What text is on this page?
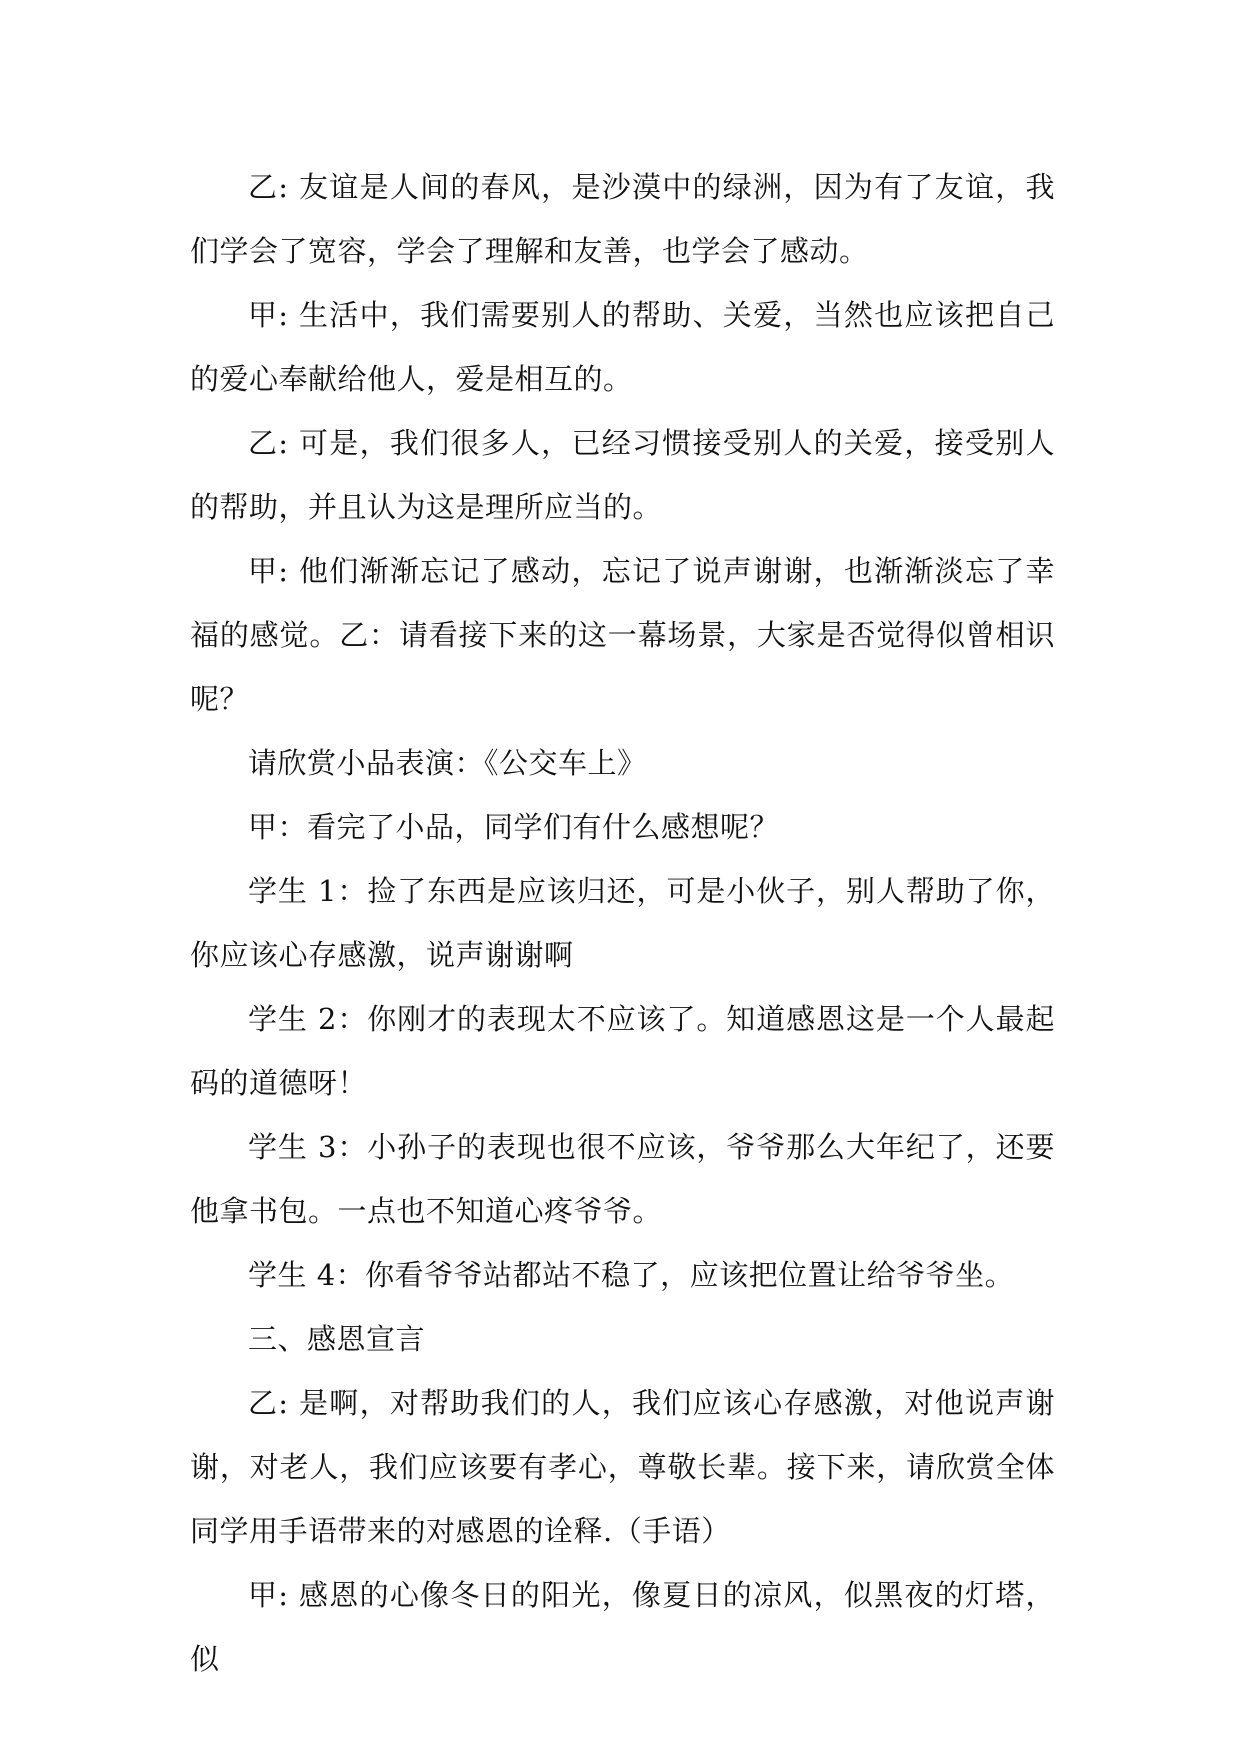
乙: 友谊是人间的春风，是沙漠中的绿洲，因为有了友谊，我们学会了宽容，学会了理解和友善，也学会了感动。

甲: 生活中，我们需要别人的帮助、关爱，当然也应该把自己的爱心奉献给他人，爱是相互的。

乙: 可是，我们很多人，已经习惯接受别人的关爱，接受别人的帮助，并且认为这是理所应当的。

甲: 他们渐渐忘记了感动，忘记了说声谢谢，也渐渐淡忘了幸福的感觉。乙：请看接下来的这一幕场景，大家是否觉得似曾相识呢？

请欣赏小品表演：《公交车上》

甲：看完了小品，同学们有什么感想呢？

学生 1：捡了东西是应该归还，可是小伙子，别人帮助了你，你应该心存感激，说声谢谢啊

学生 2：你刚才的表现太不应该了。知道感恩这是一个人最起码的道德呀！

学生 3：小孙子的表现也很不应该，爷爷那么大年纪了，还要他拿书包。一点也不知道心疼爷爷。

学生 4：你看爷爷站都站不稳了，应该把位置让给爷爷坐。

三、感恩宣言

乙: 是啊，对帮助我们的人，我们应该心存感激，对他说声谢谢，对老人，我们应该要有孝心，尊敬长辈。接下来，请欣赏全体同学用手语带来的对感恩的诠释.（手语）

甲: 感恩的心像冬日的阳光，像夏日的凉风，似黑夜的灯塔，似
